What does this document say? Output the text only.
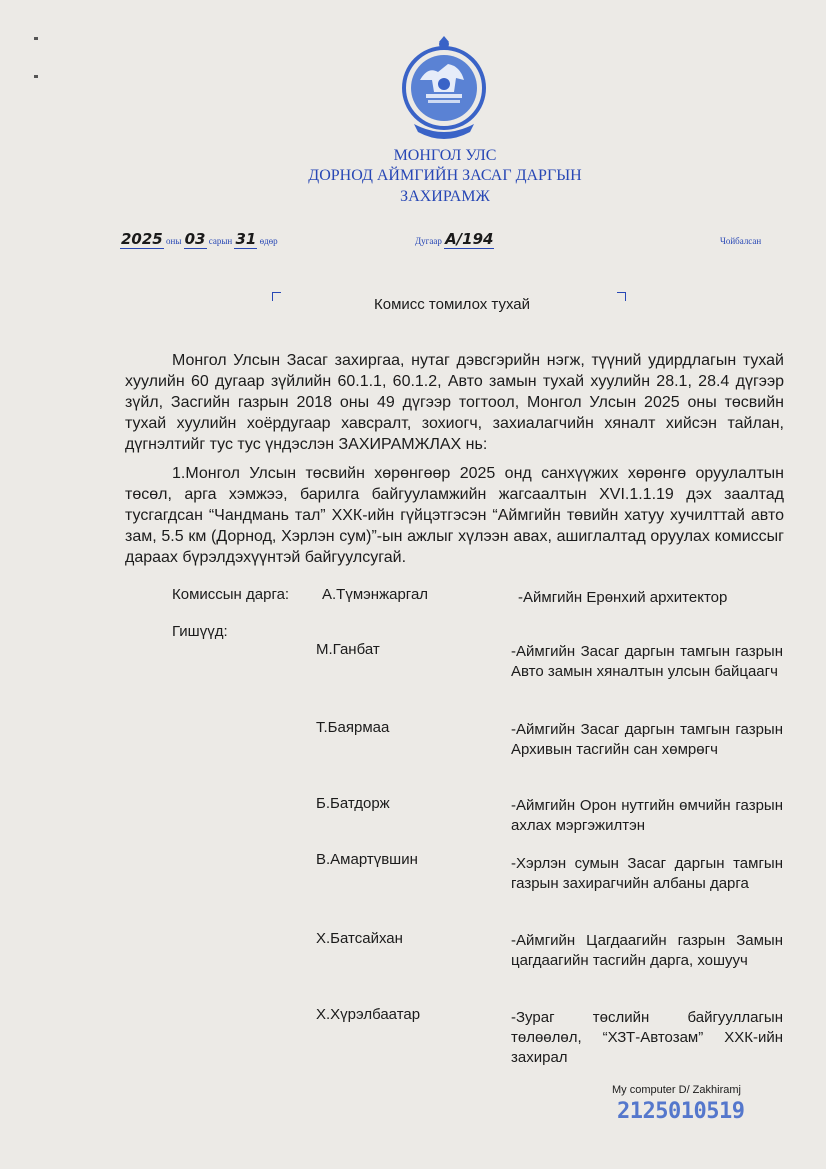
МОНГОЛ УЛС
ДОРНОД АЙМГИЙН ЗАСАГ ДАРГЫН
ЗАХИРАМЖ
2025 оны 03 сарын 31 өдөр	Дугаар А/194	Чойбалсан
Комисс томилох тухай

Монгол Улсын Засаг захиргаа, нутаг дэвсгэрийн нэгж, түүний удирдлагын тухай хуулийн 60 дугаар зүйлийн 60.1.1, 60.1.2, Авто замын тухай хуулийн 28.1, 28.4 дүгээр зүйл, Засгийн газрын 2018 оны 49 дүгээр тогтоол, Монгол Улсын 2025 оны төсвийн тухай хуулийн хоёрдугаар хавсралт, зохиогч, захиалагчийн хяналт хийсэн тайлан, дүгнэлтийг тус тус үндэслэн ЗАХИРАМЖЛАХ нь:

1.Монгол Улсын төсвийн хөрөнгөөр 2025 онд санхүүжих хөрөнгө оруулалтын төсөл, арга хэмжээ, барилга байгууламжийн жагсаалтын XVI.1.1.19 дэх заалтад тусгагдсан “Чандмань тал” ХХК-ийн гүйцэтгэсэн “Аймгийн төвийн хатуу хучилттай авто зам, 5.5 км (Дорнод, Хэрлэн сум)”-ын ажлыг хүлээн авах, ашиглалтад оруулах комиссыг дараах бүрэлдэхүүнтэй байгуулсугай.

Комиссын дарга: А.Түмэнжаргал	-Аймгийн Ерөнхий архитектор
Гишүүд:
М.Ганбат	-Аймгийн Засаг даргын тамгын газрын Авто замын хяналтын улсын байцаагч
Т.Баярмаа	-Аймгийн Засаг даргын тамгын газрын Архивын тасгийн сан хөмрөгч
Б.Батдорж	-Аймгийн Орон нутгийн өмчийн газрын ахлах мэргэжилтэн
В.Амартүвшин	-Хэрлэн сумын Засаг даргын тамгын газрын захирагчийн албаны дарга
Х.Батсайхан	-Аймгийн Цагдаагийн газрын Замын цагдаагийн тасгийн дарга, хошууч
Х.Хүрэлбаатар	-Зураг төслийн байгууллагын төлөөлөл, “ХЗТ-Автозам” ХХК-ийн захирал
My computer D/ Zakhiramj
2125010519
